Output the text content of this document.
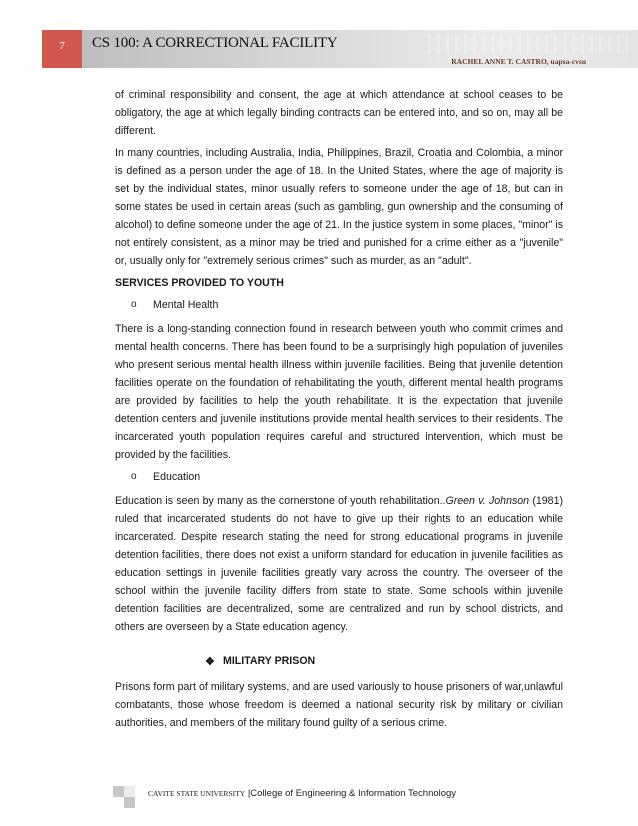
7	CS 100: A CORRECTIONAL FACILITY
RACHEL ANNE T. CASTRO, uapsa-cvsu

of criminal responsibility and consent, the age at which attendance at school ceases to be obligatory, the age at which legally binding contracts can be entered into, and so on, may all be different.

In many countries, including Australia, India, Philippines, Brazil, Croatia and Colombia, a minor is defined as a person under the age of 18. In the United States, where the age of majority is set by the individual states, minor usually refers to someone under the age of 18, but can in some states be used in certain areas (such as gambling, gun ownership and the consuming of alcohol) to define someone under the age of 21. In the justice system in some places, "minor" is not entirely consistent, as a minor may be tried and punished for a crime either as a "juvenile" or, usually only for "extremely serious crimes" such as murder, as an "adult".

SERVICES PROVIDED TO YOUTH
o	Mental Health

There is a long-standing connection found in research between youth who commit crimes and mental health concerns. There has been found to be a surprisingly high population of juveniles who present serious mental health illness within juvenile facilities. Being that juvenile detention facilities operate on the foundation of rehabilitating the youth, different mental health programs are provided by facilities to help the youth rehabilitate. It is the expectation that juvenile detention centers and juvenile institutions provide mental health services to their residents. The incarcerated youth population requires careful and structured intervention, which must be provided by the facilities.

o	Education

Education is seen by many as the cornerstone of youth rehabilitation..Green v. Johnson (1981) ruled that incarcerated students do not have to give up their rights to an education while incarcerated. Despite research stating the need for strong educational programs in juvenile detention facilities, there does not exist a uniform standard for education in juvenile facilities as education settings in juvenile facilities greatly vary across the country. The overseer of the school within the juvenile facility differs from state to state. Some schools within juvenile detention facilities are decentralized, some are centralized and run by school districts, and others are overseen by a State education agency.

❖
MILITARY PRISON

Prisons form part of military systems, and are used variously to house prisoners of war,unlawful combatants, those whose freedom is deemed a national security risk by military or civilian authorities, and members of the military found guilty of a serious crime.

CAVITE STATE UNIVERSITY |College of Engineering & Information Technology
